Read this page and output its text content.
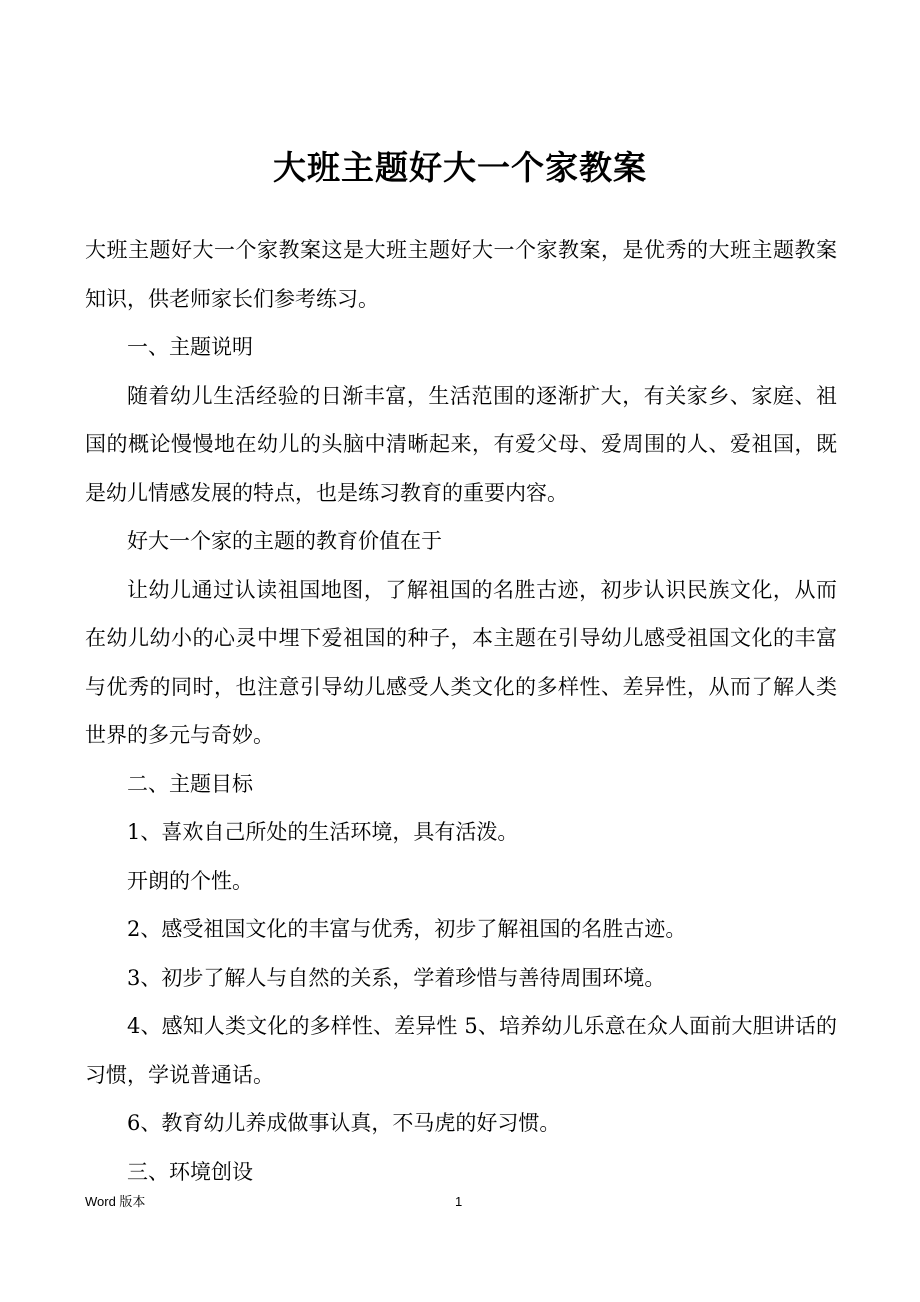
大班主题好大一个家教案

大班主题好大一个家教案这是大班主题好大一个家教案，是优秀的大班主题教案知识，供老师家长们参考练习。

一、主题说明

随着幼儿生活经验的日渐丰富，生活范围的逐渐扩大，有关家乡、家庭、祖国的概论慢慢地在幼儿的头脑中清晰起来，有爱父母、爱周围的人、爱祖国，既是幼儿情感发展的特点，也是练习教育的重要内容。

好大一个家的主题的教育价值在于

让幼儿通过认读祖国地图，了解祖国的名胜古迹，初步认识民族文化，从而在幼儿幼小的心灵中埋下爱祖国的种子，本主题在引导幼儿感受祖国文化的丰富与优秀的同时，也注意引导幼儿感受人类文化的多样性、差异性，从而了解人类世界的多元与奇妙。

二、主题目标

1、喜欢自己所处的生活环境，具有活泼。

开朗的个性。

2、感受祖国文化的丰富与优秀，初步了解祖国的名胜古迹。

3、初步了解人与自然的关系，学着珍惜与善待周围环境。

4、感知人类文化的多样性、差异性 5、培养幼儿乐意在众人面前大胆讲话的习惯，学说普通话。

6、教育幼儿养成做事认真，不马虎的好习惯。

三、环境创设

Word 版本	1
